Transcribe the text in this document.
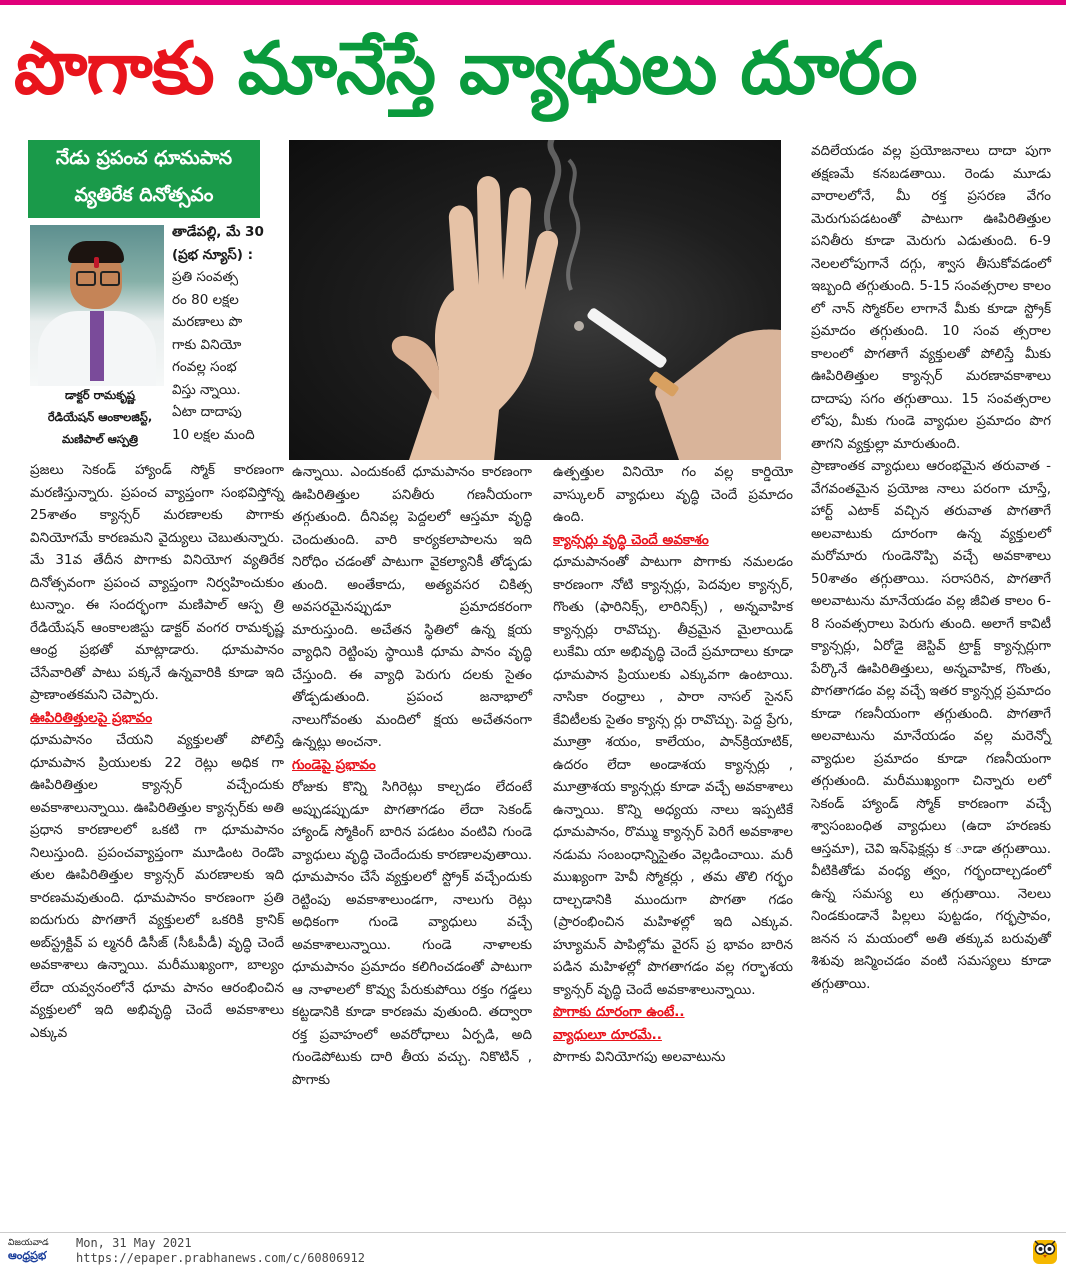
పొగాకు మానేస్తే వ్యాధులు దూరం
నేడు ప్రపంచ ధూమపాన
వ్యతిరేక దినోత్సవం
డాక్టర్ రామకృష్ణ
రేడియేషన్ ఆంకాలజిస్ట్,
మణిపాల్ ఆస్పత్రి
తాడేపల్లి, మే 30
(ప్రభ న్యూస్) :
ప్రతి సంవత్స
రం 80 లక్షల
మరణాలు పొ
గాకు వినియో
గంవల్ల సంభ
విస్తు న్నాయి.
ఏటా దాదాపు
10 లక్షల మంది

ప్రజలు సెకండ్ హ్యాండ్ స్మోక్ కారణంగా మరణిస్తున్నారు. ప్రపంచ వ్యాప్తంగా సంభవిస్తోన్న 25శాతం క్యాన్సర్ మరణాలకు పొగాకు వినియోగమే కారణమని వైద్యులు చెబుతున్నారు. మే 31వ తేదీన పొగాకు వినియోగ వ్యతిరేక దినోత్సవంగా ప్రపంచ వ్యాప్తంగా నిర్వహించుకుం టున్నాం. ఈ సందర్భంగా మణిపాల్ ఆస్ప త్రి రేడియేషన్ ఆంకాలజిస్టు డాక్టర్ వంగర రామకృష్ణ ఆంధ్ర ప్రభతో మాట్లాడారు. ధూమపానం చేసేవారితో పాటు పక్కనే ఉన్నవారికి కూడా ఇది ప్రాణాంతకమని చెప్పారు.

ఊపిరితిత్తులపై ప్రభావం

ధూమపానం చేయని వ్యక్తులతో పోలిస్తే ధూమపాన ప్రియులకు 22 రెట్లు అధిక గా ఊపిరితిత్తుల క్యాన్సర్ వచ్చేందుకు అవకాశాలున్నాయి. ఊపిరితిత్తుల క్యాన్సర్‌కు అతి ప్రధాన కారణాలలో ఒకటి గా ధూమపానం నిలుస్తుంది. ప్రపంచవ్యాప్తంగా మూడింట రెండొం తుల ఊపిరితిత్తుల క్యాన్సర్ మరణాలకు ఇది కారణమవుతుంది. ధూమపానం కారణంగా ప్రతి ఐదుగురు పొగతాగే వ్యక్తులలో ఒకరికి క్రానిక్ అబ్‌స్ట్రక్టివ్ ప ల్మనరీ డిసీజ్ (సీఓపీడీ) వృద్ధి చెందే అవకాశాలు ఉన్నాయి. మరీముఖ్యంగా, బాల్యం లేదా యవ్వనంలోనే ధూమ పానం ఆరంభించిన వ్యక్తులలో ఇది అభివృద్ధి చెందే అవకాశాలు ఎక్కువ

ఉన్నాయి. ఎందుకంటే ధూమపానం కారణంగా ఊపిరితిత్తుల పనితీరు గణనీయంగా తగ్గుతుంది. దీనివల్ల పెద్దలలో ఆస్తమా వృద్ధి చెందుతుంది. వారి కార్యకలాపాలను ఇది నిరోధిం చడంతో పాటుగా వైకల్యానికీ తోడ్పడు తుంది. అంతేకాదు, అత్యవసర చికిత్స అవసరమైనప్పుడూ ప్రమాదకరంగా మారుస్తుంది. అచేతన స్థితిలో ఉన్న క్షయ వ్యాధిని రెట్టింపు స్థాయికి ధూమ పానం వృద్ధి చేస్తుంది. ఈ వ్యాధి పెరుగు దలకు సైతం తోడ్పడుతుంది. ప్రపంచ జనాభాలో నాలుగోవంతు మందిలో క్షయ అచేతనంగా ఉన్నట్లు అంచనా.

గుండెపై ప్రభావం

రోజుకు కొన్ని సిగిరెట్లు కాల్చడం లేదంటే అప్పుడప్పుడూ పొగతాగడం లేదా సెకండ్ హ్యాండ్ స్మోకింగ్ బారిన పడటం వంటివి గుండె వ్యాధులు వృద్ధి చెందేందుకు కారణాలవుతాయి. ధూమపానం చేసే వ్యక్తులలో స్ట్రోక్ వచ్చేందుకు రెట్టింపు అవకాశాలుండగా, నాలుగు రెట్లు అధికంగా గుండె వ్యాధులు వచ్చే అవకాశాలున్నాయి. గుండె నాళాలకు ధూమపానం ప్రమాదం కలిగించడంతో పాటుగా ఆ నాళాలలో కొవ్వు పేరుకుపోయి రక్తం గడ్డలు కట్టడానికి కూడా కారణమ వుతుంది. తద్వారా రక్త ప్రవాహంలో అవరోధాలు ఏర్పడి, అది గుండెపోటుకు దారి తీయ వచ్చు. నికొటిన్ , పొగాకు

ఉత్పత్తుల వినియో గం వల్ల కార్డియో వాస్కులర్ వ్యాధులు వృద్ధి చెందే ప్రమాదం ఉంది.

క్యాన్సర్లు వృద్ధి చెందే అవకాశం

ధూమపానంతో పాటుగా పొగాకు నమలడం కారణంగా నోటి క్యాన్సర్లు, పెదవుల క్యాన్సర్, గొంతు (ఫారినిక్స్, లారినిక్స్) , అన్నవాహిక క్యాన్సర్లు రావొచ్చు. తీవ్రమైన మైలాయిడ్ లుకేమి యా అభివృద్ధి చెందే ప్రమాదాలు కూడా ధూమపాన ప్రియులకు ఎక్కువగా ఉంటాయి. నాసికా రంధ్రాలు , పారా నాసల్ సైనస్ కేవిటీలకు సైతం క్యాన్స ర్లు రావొచ్చు. పెద్ద ప్రేగు, మూత్రా శయం, కాలేయం, పాన్‌క్రియాటిక్, ఉదరం లేదా అండాశయ క్యాన్సర్లు , మూత్రాశయ క్యాన్సర్లు కూడా వచ్చే అవకాశాలు ఉన్నాయి. కొన్ని అధ్యయ నాలు ఇప్పటికే ధూమపానం, రొమ్ము క్యాన్సర్ పెరిగే అవకాశాల నడుమ సంబంధాన్నిసైతం వెల్లడించాయి. మరీ ముఖ్యంగా హెవీ స్మోకర్లు , తమ తొలి గర్భం దాల్చడానికి ముందుగా పొగతా గడం (ప్రారంభించిన మహిళల్లో ఇది ఎక్కువ. హ్యూమన్ పాపిల్లోమ వైరస్ ప్ర భావం బారిన పడిన మహిళల్లో పొగతాగడం వల్ల గర్భాశయ క్యాన్సర్ వృద్ధి చెందే అవకాశాలున్నాయి.

పొగాకు దూరంగా ఉంటే..
వ్యాధులూ దూరమే..

పొగాకు వినియోగపు అలవాటును

వదిలేయడం వల్ల ప్రయోజనాలు దాదా పుగా తక్షణమే కనబడతాయి. రెండు మూడు వారాలలోనే, మీ రక్త ప్రసరణ వేగం మెరుగుపడటంతో పాటుగా ఊపిరితిత్తుల పనితీరు కూడా మెరుగు ఎడుతుంది. 6-9 నెలలలోపుగానే దగ్గు, శ్వాస తీసుకోవడంలో ఇబ్బంది తగ్గుతుంది. 5-15 సంవత్సరాల కాలం లో నాన్ స్మోకర్‌ల లాగానే మీకు కూడా స్ట్రోక్ ప్రమాదం తగ్గుతుంది. 10 సంవ త్సరాల కాలంలో పొగతాగే వ్యక్తులతో పోలిస్తే మీకు ఊపిరితిత్తుల క్యాన్సర్ మరణావకాశాలు దాదాపు సగం తగ్గుతాయి. 15 సంవత్సరాల లోపు, మీకు గుండె వ్యాధుల ప్రమాదం పొగ తాగని వ్యక్తుల్లా మారుతుంది.

ప్రాణాంతక వ్యాధులు ఆరంభమైన తరువాత - వేగవంతమైన ప్రయోజ నాలు పరంగా చూస్తే, హార్ట్ ఎటాక్ వచ్చిన తరువాత పొగతాగే అలవాటుకు దూరంగా ఉన్న వ్యక్తులలో మరోమారు గుండెనొప్పి వచ్చే అవకాశాలు 50శాతం తగ్గుతాయి. సరాసరిన, పొగతాగే అలవాటును మానేయడం వల్ల జీవిత కాలం 6-8 సంవత్సరాలు పెరుగు తుంది. అలాగే కావిటీ క్యాన్సర్లు, ఏరోడై జెస్టివ్ ట్రాక్ట్ క్యాన్సర్లుగా పేర్కొనే ఊపిరితిత్తులు, అన్నవాహిక, గొంతు, పొగతాగడం వల్ల వచ్చే ఇతర క్యాన్సర్ల ప్రమాదం కూడా గణనీయంగా తగ్గుతుంది. పొగతాగే అలవాటును మానేయడం వల్ల మరెన్నో వ్యాధుల ప్రమాదం కూడా గణనీయంగా తగ్గుతుంది. మరీముఖ్యంగా చిన్నారు లలో సెకండ్ హ్యాండ్ స్మోక్ కారణంగా వచ్చే శ్వాసంబంధిత వ్యాధులు (ఉదా హరణకు ఆస్తమా), చెవి ఇన్‌ఫెక్షన్లు క ూడా తగ్గుతాయి. వీటికితోడు వంధ్య త్వం, గర్భందాల్చడంలో ఉన్న సమస్య లు తగ్గుతాయి. నెలలు నిండకుండానే పిల్లలు పుట్టడం, గర్భస్రావం, జనన స మయంలో అతి తక్కువ బరువుతో శిశువు జన్మించడం వంటి సమస్యలు కూడా తగ్గుతాయి.

విజయవాడ
ఆంధ్రప్రభ
Mon, 31 May 2021
https://epaper.prabhanews.com/c/60806912
